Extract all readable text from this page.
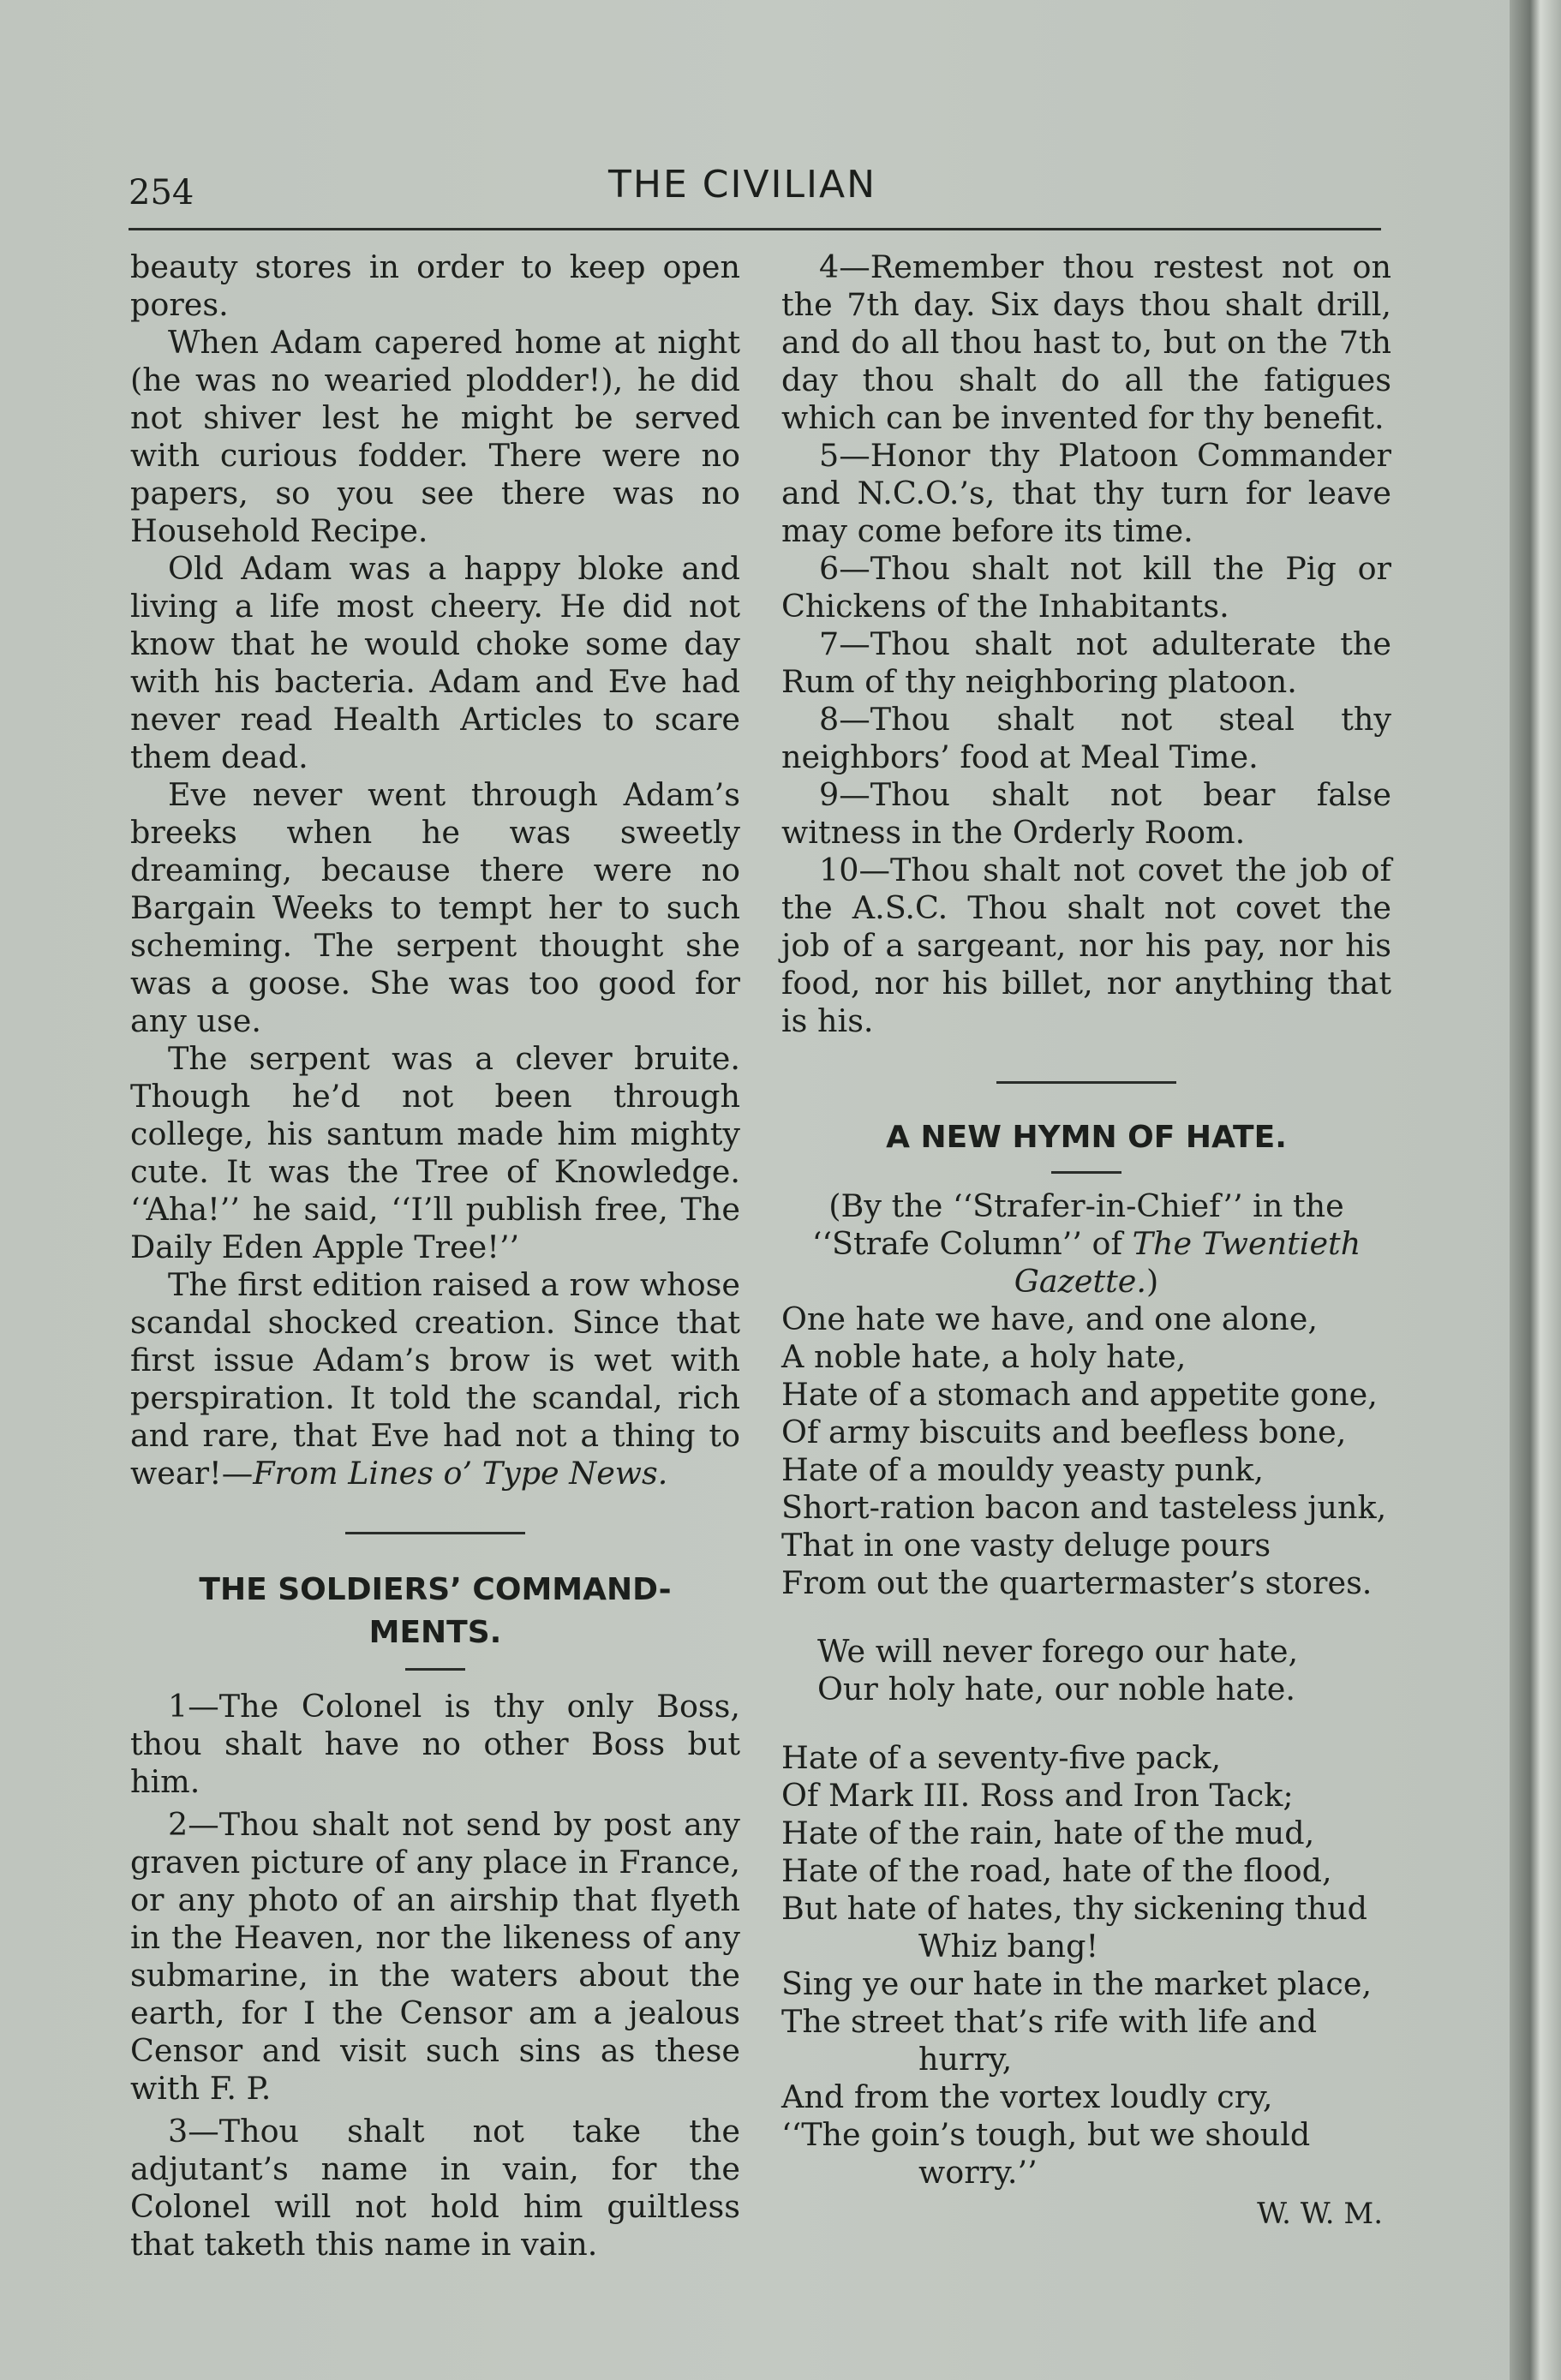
254	THE CIVILIAN

beauty stores in order to keep open pores.

When Adam capered home at night (he was no wearied plodder!), he did not shiver lest he might be served with curious fodder. There were no papers, so you see there was no Household Recipe.

Old Adam was a happy bloke and living a life most cheery. He did not know that he would choke some day with his bacteria. Adam and Eve had never read Health Articles to scare them dead.

Eve never went through Adam’s breeks when he was sweetly dreaming, because there were no Bargain Weeks to tempt her to such scheming. The serpent thought she was a goose. She was too good for any use.

The serpent was a clever bruite. Though he’d not been through college, his santum made him mighty cute. It was the Tree of Knowledge. ‘‘Aha!’’ he said, ‘‘I’ll publish free, The Daily Eden Apple Tree!’’

The first edition raised a row whose scandal shocked creation. Since that first issue Adam’s brow is wet with perspiration. It told the scandal, rich and rare, that Eve had not a thing to wear!—From Lines o’ Type News.

THE SOLDIERS’ COMMAND-
MENTS.

1—The Colonel is thy only Boss, thou shalt have no other Boss but him.

2—Thou shalt not send by post any graven picture of any place in France, or any photo of an airship that flyeth in the Heaven, nor the likeness of any submarine, in the waters about the earth, for I the Censor am a jealous Censor and visit such sins as these with F. P.

3—Thou shalt not take the adjutant’s name in vain, for the Colonel will not hold him guiltless that taketh this name in vain.

4—Remember thou restest not on the 7th day. Six days thou shalt drill, and do all thou hast to, but on the 7th day thou shalt do all the fatigues which can be invented for thy benefit.

5—Honor thy Platoon Commander and N.C.O.’s, that thy turn for leave may come before its time.

6—Thou shalt not kill the Pig or Chickens of the Inhabitants.

7—Thou shalt not adulterate the Rum of thy neighboring platoon.

8—Thou shalt not steal thy neighbors’ food at Meal Time.

9—Thou shalt not bear false witness in the Orderly Room.

10—Thou shalt not covet the job of the A.S.C. Thou shalt not covet the job of a sargeant, nor his pay, nor his food, nor his billet, nor anything that is his.

A NEW HYMN OF HATE.

(By the ‘‘Strafer-in-Chief’’ in the ‘‘Strafe Column’’ of The Twentieth Gazette.)

One hate we have, and one alone,
A noble hate, a holy hate,
Hate of a stomach and appetite gone,
Of army biscuits and beefless bone,
Hate of a mouldy yeasty punk,
Short-ration bacon and tasteless junk,
That in one vasty deluge pours
From out the quartermaster’s stores.
We will never forego our hate,
Our holy hate, our noble hate.
Hate of a seventy-five pack,
Of Mark III. Ross and Iron Tack;
Hate of the rain, hate of the mud,
Hate of the road, hate of the flood,
But hate of hates, thy sickening thud
Whiz bang!
Sing ye our hate in the market place,
The street that’s rife with life and
hurry,
And from the vortex loudly cry,
‘‘The goin’s tough, but we should
worry.’’
W. W. M.
